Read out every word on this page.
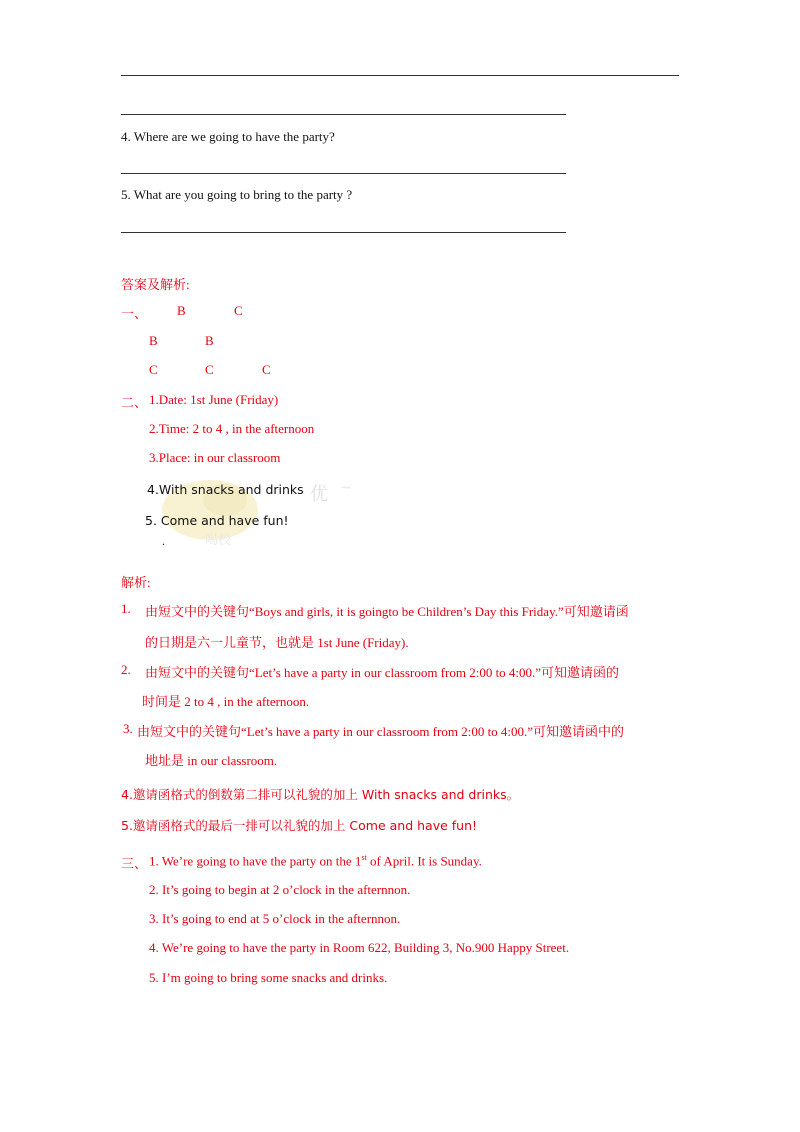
4. Where are we going to have the party?
5. What are you going to bring to the party ?
答案及解析:
一、 B	C
B	B
C	C	C
二、 1.Date: 1st June (Friday)
2.Time: 2 to 4 , in the afternoon
3.Place: in our classroom
优 ~
喝校
4.With snacks and drinks
5. Come and have fun!
.
解析:
1. 由短文中的关键句“Boys and girls, it is goingto be Children’s Day this Friday.”可知邀请函
的日期是六一儿童节，也就是 1st June (Friday).
2. 由短文中的关键句“Let’s have a party in our classroom from 2:00 to 4:00.”可知邀请函的
时间是 2 to 4 , in the afternoon.
3. 由短文中的关键句“Let’s have a party in our classroom from 2:00 to 4:00.”可知邀请函中的
地址是 in our classroom.
4.邀请函格式的倒数第二排可以礼貌的加上 With snacks and drinks。
5.邀请函格式的最后一排可以礼貌的加上 Come and have fun!
三、 1. We’re going to have the party on the 1st of April. It is Sunday.
2. It’s going to begin at 2 o’clock in the afternnon.
3. It’s going to end at 5 o’clock in the afternnon.
4. We’re going to have the party in Room 622, Building 3, No.900 Happy Street.
5. I’m going to bring some snacks and drinks.
